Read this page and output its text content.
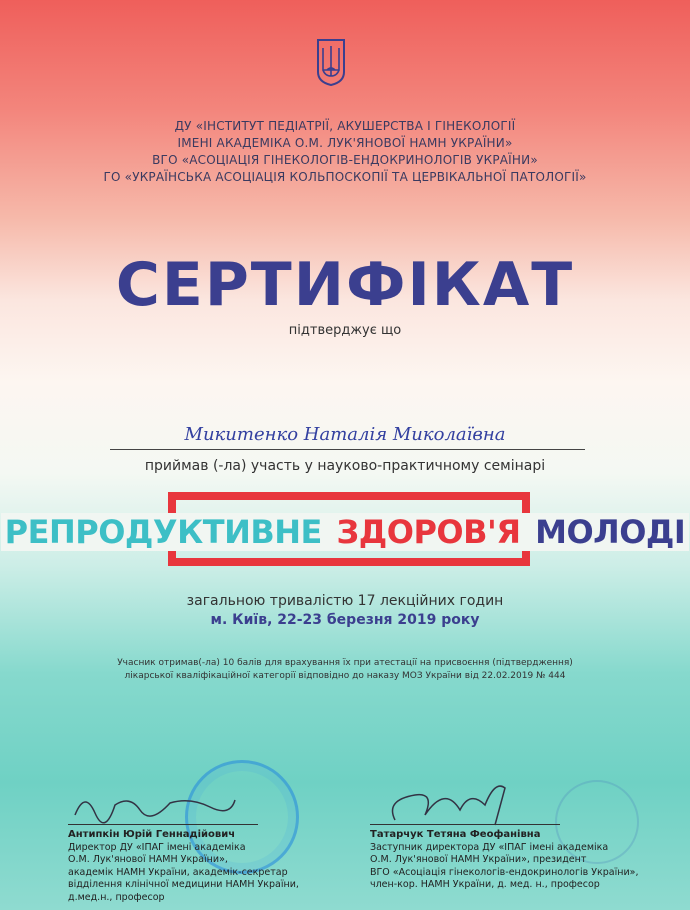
ДУ «ІНСТИТУТ ПЕДІАТРІЇ, АКУШЕРСТВА І ГІНЕКОЛОГІЇ
ІМЕНІ АКАДЕМІКА О.М. ЛУК'ЯНОВОЇ НАМН УКРАЇНИ»
ВГО «АСОЦІАЦІЯ ГІНЕКОЛОГІВ-ЕНДОКРИНОЛОГІВ УКРАЇНИ»
ГО «УКРАЇНСЬКА АСОЦІАЦІЯ КОЛЬПОСКОПІЇ ТА ЦЕРВІКАЛЬНОЇ ПАТОЛОГІЇ»
СЕРТИФІКАТ
підтверджує що
Микитенко Наталія Миколаївна
приймав (-ла) участь у науково-практичному семінарі
РЕПРОДУКТИВНЕ ЗДОРОВ'Я МОЛОДІ
загальною тривалістю 17 лекційних годин
м. Київ, 22-23 березня 2019 року
Учасник отримав(-ла) 10 балів для врахування їх при атестації на присвоєння (підтвердження)
лікарської кваліфікаційної категорії відповідно до наказу МОЗ України від 22.02.2019 № 444
Антипкін Юрій Геннадійович
Директор ДУ «ІПАГ імені академіка
О.М. Лук'янової НАМН України»,
академік НАМН України, академік-секретар
відділення клінічної медицини НАМН України,
д.мед.н., професор
Татарчук Тетяна Феофанівна
Заступник директора ДУ «ІПАГ імені академіка
О.М. Лук'янової НАМН України», президент
ВГО «Асоціація гінекологів-ендокринологів України»,
член-кор. НАМН України, д. мед. н., професор
